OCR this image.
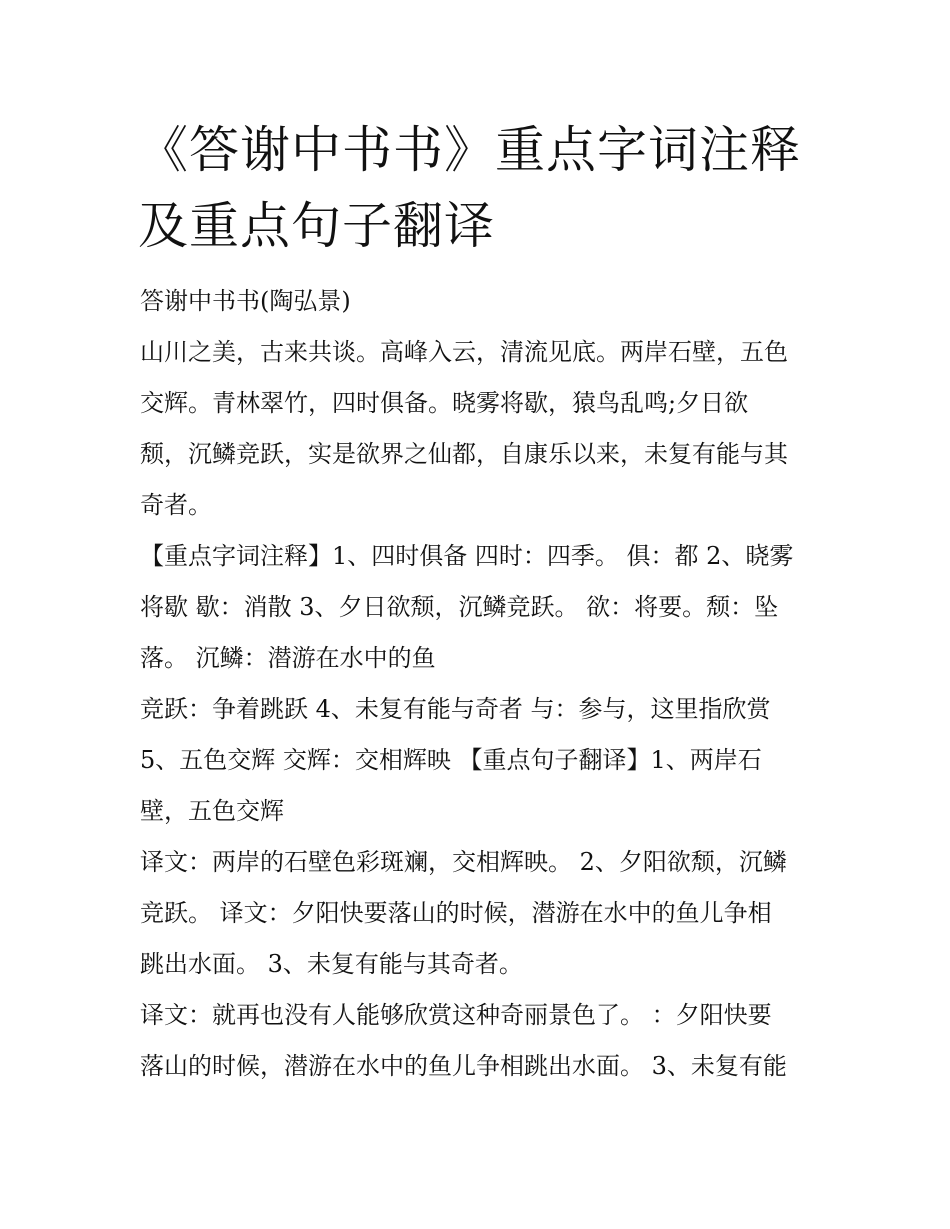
《答谢中书书》重点字词注释
及重点句子翻译
答谢中书书(陶弘景)
山川之美，古来共谈。高峰入云，清流见底。两岸石壁，五色
交辉。青林翠竹，四时俱备。晓雾将歇，猿鸟乱鸣;夕日欲
颓，沉鳞竞跃，实是欲界之仙都，自康乐以来，未复有能与其
奇者。
【重点字词注释】1、四时俱备 四时：四季。 俱：都 2、晓雾
将歇 歇：消散 3、夕日欲颓，沉鳞竞跃。 欲：将要。颓：坠
落。 沉鳞：潜游在水中的鱼
竞跃：争着跳跃 4、未复有能与奇者 与：参与，这里指欣赏
5、五色交辉 交辉：交相辉映 【重点句子翻译】1、两岸石
壁，五色交辉
译文：两岸的石壁色彩斑斓，交相辉映。 2、夕阳欲颓，沉鳞
竞跃。 译文：夕阳快要落山的时候，潜游在水中的鱼儿争相
跳出水面。 3、未复有能与其奇者。
译文：就再也没有人能够欣赏这种奇丽景色了。 ：夕阳快要
落山的时候，潜游在水中的鱼儿争相跳出水面。 3、未复有能
